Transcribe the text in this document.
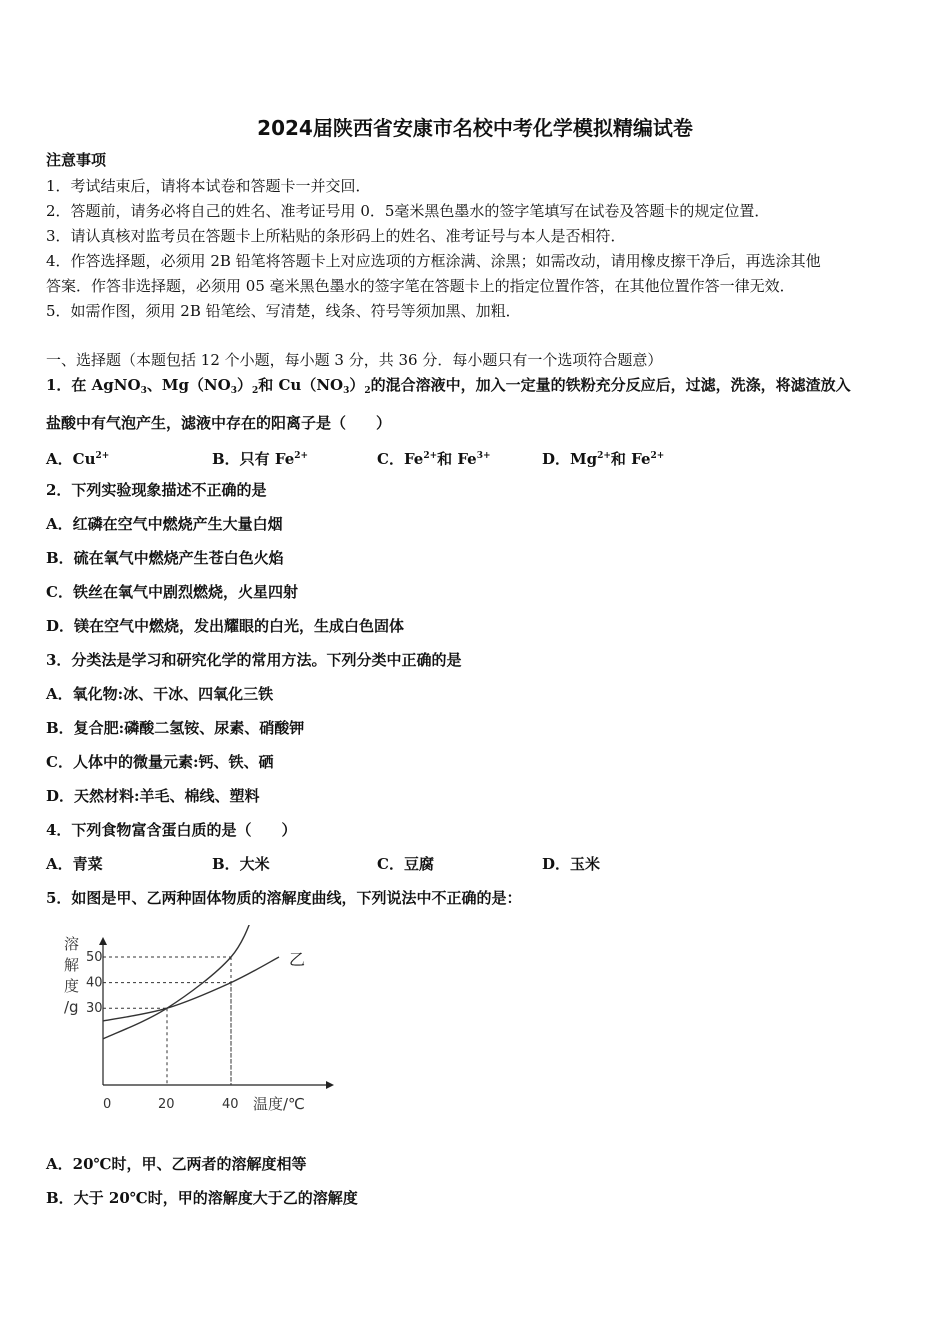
2024届陕西省安康市名校中考化学模拟精编试卷
注意事项
1．考试结束后，请将本试卷和答题卡一并交回．
2．答题前，请务必将自己的姓名、准考证号用 0．5毫米黑色墨水的签字笔填写在试卷及答题卡的规定位置．
3．请认真核对监考员在答题卡上所粘贴的条形码上的姓名、准考证号与本人是否相符．
4．作答选择题，必须用 2B 铅笔将答题卡上对应选项的方框涂满、涂黑；如需改动，请用橡皮擦干净后，再选涂其他
答案．作答非选择题，必须用 05 毫米黑色墨水的签字笔在答题卡上的指定位置作答，在其他位置作答一律无效．
5．如需作图，须用 2B 铅笔绘、写清楚，线条、符号等须加黑、加粗．
一、选择题（本题包括 12 个小题，每小题 3 分，共 36 分．每小题只有一个选项符合题意）
1．在 AgNO$_3$、$Mg(NO_3)_2$和 $Cu(NO_3)_2$的混合溶液中，加入一定量的铁粉充分反应后，过滤，洗涤，将滤渣放入
盐酸中有气泡产生，滤液中存在的阳离子是（　　）
A．$Cu^{2+}$	B．只有 $Fe^{2+}$	C．$Fe^{2+}$和 $Fe^{3+}$	D．$Mg^{2+}$和 $Fe^{2+}$
2．下列实验现象描述不正确的是
A．红磷在空气中燃烧产生大量白烟
B．硫在氧气中燃烧产生苍白色火焰
C．铁丝在氧气中剧烈燃烧，火星四射
D．镁在空气中燃烧，发出耀眼的白光，生成白色固体
3．分类法是学习和研究化学的常用方法。下列分类中正确的是
A．氧化物:冰、干冰、四氧化三铁
B．复合肥:磷酸二氢铵、尿素、硝酸钾
C．人体中的微量元素:钙、铁、硒
D．天然材料:羊毛、棉线、塑料
4．下列食物富含蛋白质的是（　　）
A．青菜	B．大米	C．豆腐	D．玉米
5．如图是甲、乙两种固体物质的溶解度曲线，下列说法中不正确的是：
溶
解
度
/g
温度/℃
0	20	40
30
40
50	乙
A．20℃时，甲、乙两者的溶解度相等
B．大于 20℃时，甲的溶解度大于乙的溶解度
